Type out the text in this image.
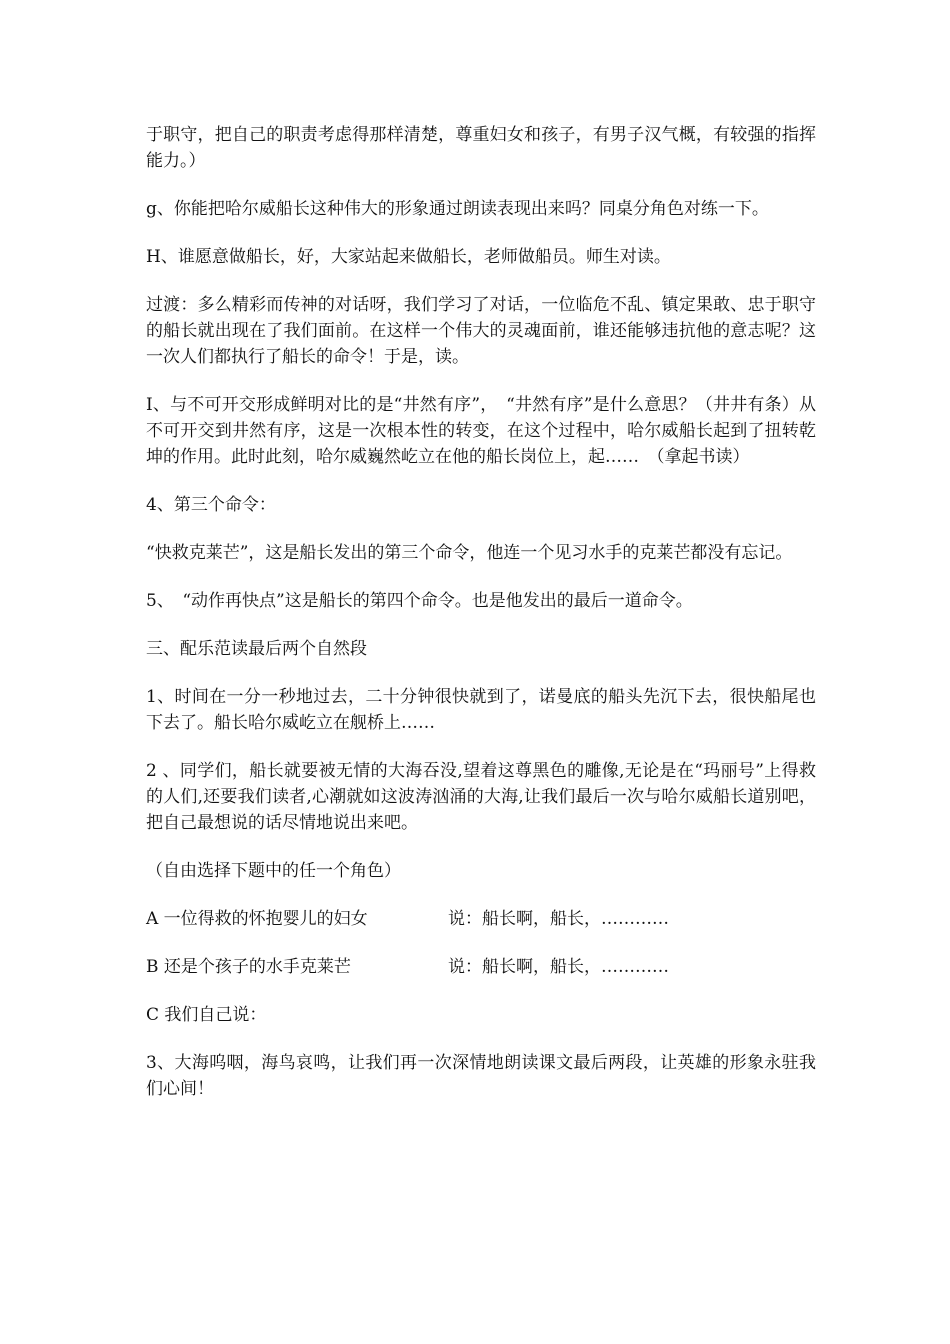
于职守，把自己的职责考虑得那样清楚，尊重妇女和孩子，有男子汉气概，有较强的指挥能力。）

g、你能把哈尔威船长这种伟大的形象通过朗读表现出来吗？同桌分角色对练一下。

H、谁愿意做船长，好，大家站起来做船长，老师做船员。师生对读。

过渡：多么精彩而传神的对话呀，我们学习了对话，一位临危不乱、镇定果敢、忠于职守的船长就出现在了我们面前。在这样一个伟大的灵魂面前，谁还能够违抗他的意志呢？这一次人们都执行了船长的命令！于是，读。

I、与不可开交形成鲜明对比的是“井然有序”，　“井然有序”是什么意思？（井井有条）从不可开交到井然有序，这是一次根本性的转变，在这个过程中，哈尔威船长起到了扭转乾坤的作用。此时此刻，哈尔威巍然屹立在他的船长岗位上，起……　（拿起书读）

4、第三个命令：

“快救克莱芒”，这是船长发出的第三个命令，他连一个见习水手的克莱芒都没有忘记。

5、　“动作再快点”这是船长的第四个命令。也是他发出的最后一道命令。

三、配乐范读最后两个自然段

1、时间在一分一秒地过去，二十分钟很快就到了，诺曼底的船头先沉下去，很快船尾也下去了。船长哈尔威屹立在舰桥上……

2 、同学们，船长就要被无情的大海吞没,望着这尊黑色的雕像,无论是在“玛丽号”上得救的人们,还要我们读者,心潮就如这波涛汹涌的大海,让我们最后一次与哈尔威船长道别吧，把自己最想说的话尽情地说出来吧。

（自由选择下题中的任一个角色）

A 一位得救的怀抱婴儿的妇女	说：船长啊，船长，…………
B 还是个孩子的水手克莱芒	说：船长啊，船长，…………

C 我们自己说：

3、大海呜咽，海鸟哀鸣，让我们再一次深情地朗读课文最后两段，让英雄的形象永驻我们心间！
